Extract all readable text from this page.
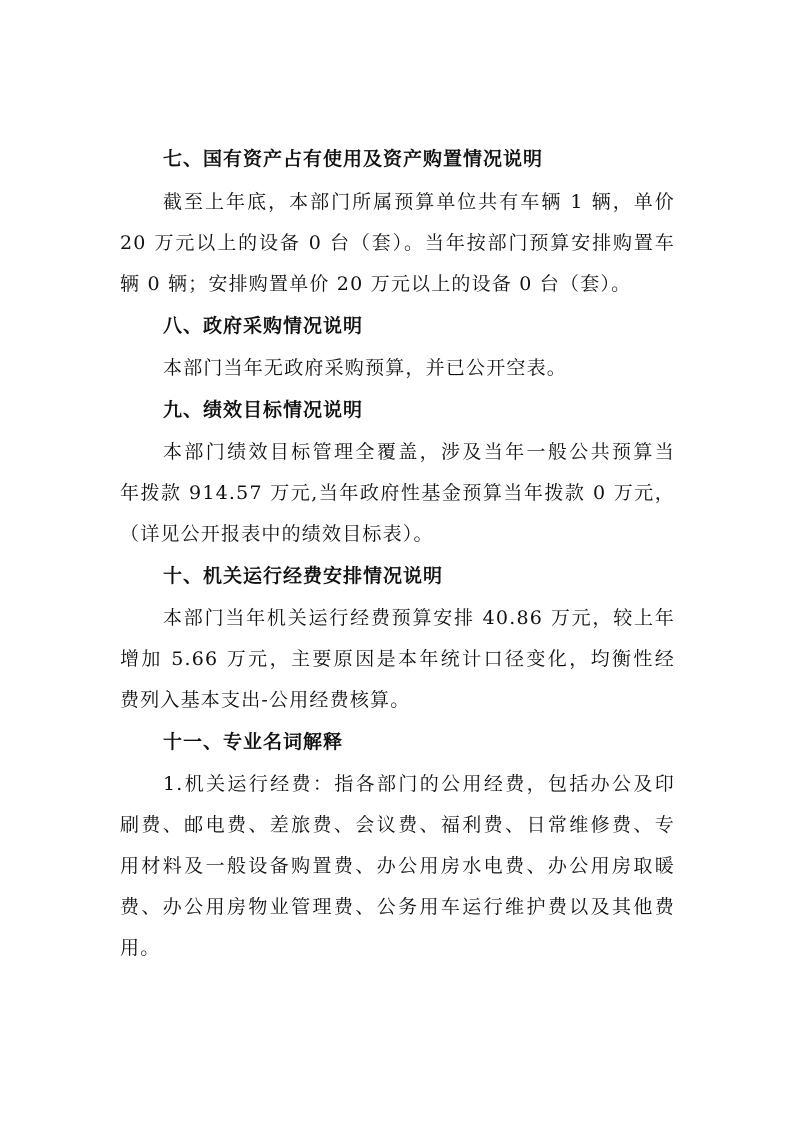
七、国有资产占有使用及资产购置情况说明
截至上年底，本部门所属预算单位共有车辆 1 辆，单价
20 万元以上的设备 0 台（套）。当年按部门预算安排购置车
辆 0 辆；安排购置单价 20 万元以上的设备 0 台（套）。
八、政府采购情况说明
本部门当年无政府采购预算，并已公开空表。
九、绩效目标情况说明
本部门绩效目标管理全覆盖，涉及当年一般公共预算当
年拨款 914.57 万元,当年政府性基金预算当年拨款 0 万元，
（详见公开报表中的绩效目标表）。
十、机关运行经费安排情况说明
本部门当年机关运行经费预算安排 40.86 万元，较上年
增加 5.66 万元，主要原因是本年统计口径变化，均衡性经
费列入基本支出-公用经费核算。
十一、专业名词解释
1.机关运行经费：指各部门的公用经费，包括办公及印
刷费、邮电费、差旅费、会议费、福利费、日常维修费、专
用材料及一般设备购置费、办公用房水电费、办公用房取暖
费、办公用房物业管理费、公务用车运行维护费以及其他费
用。
